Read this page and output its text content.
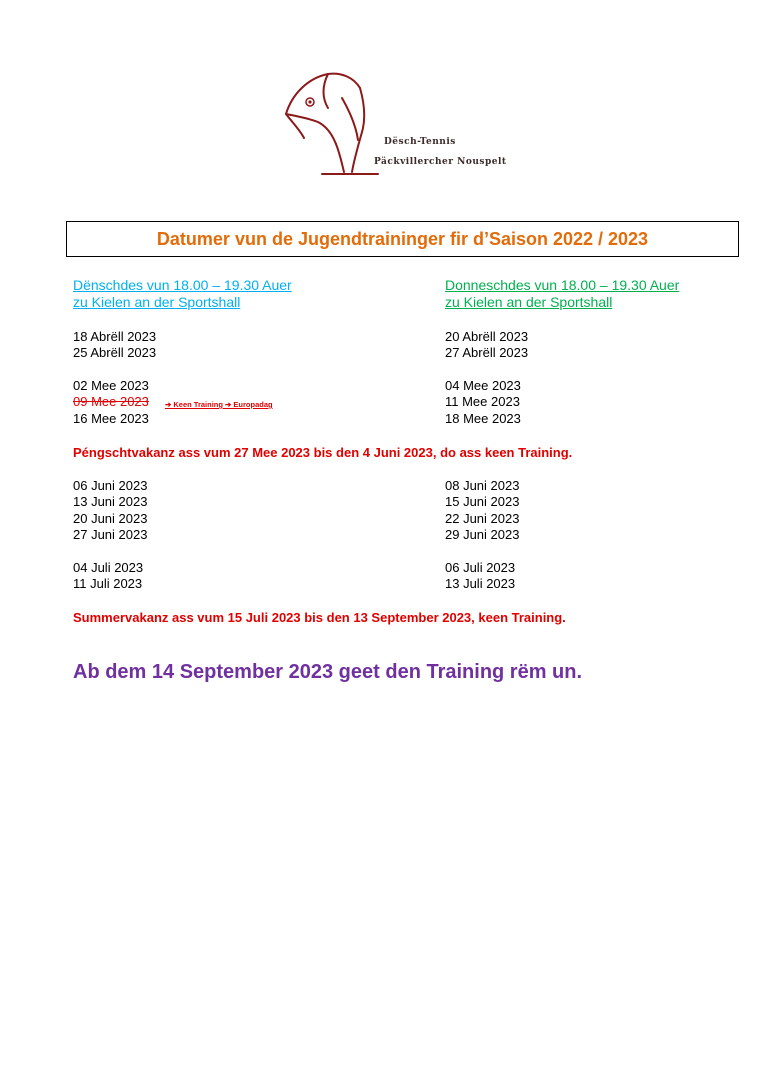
Dësch-Tennis
Päckvillercher Nouspelt
Datumer vun de Jugendtraininger fir d’Saison 2022 / 2023
Dënschdes vun 18.00 – 19.30 Auer
zu Kielen an der Sportshall
Donneschdes vun 18.00 – 19.30 Auer
zu Kielen an der Sportshall
18 Abrëll 2023
25 Abrëll 2023
02 Mee 2023
09 Mee 2023 ➔ Keen Training ➔ Europadag
16 Mee 2023
06 Juni 2023
13 Juni 2023
20 Juni 2023
27 Juni 2023
04 Juli 2023
11 Juli 2023
20 Abrëll 2023
27 Abrëll 2023
04 Mee 2023
11 Mee 2023
18 Mee 2023
08 Juni 2023
15 Juni 2023
22 Juni 2023
29 Juni 2023
06 Juli 2023
13 Juli 2023
Péngschtvakanz ass vum 27 Mee 2023 bis den 4 Juni 2023, do ass keen Training.
Summervakanz ass vum 15 Juli 2023 bis den 13 September 2023, keen Training.
Ab dem 14 September 2023 geet den Training rëm un.
